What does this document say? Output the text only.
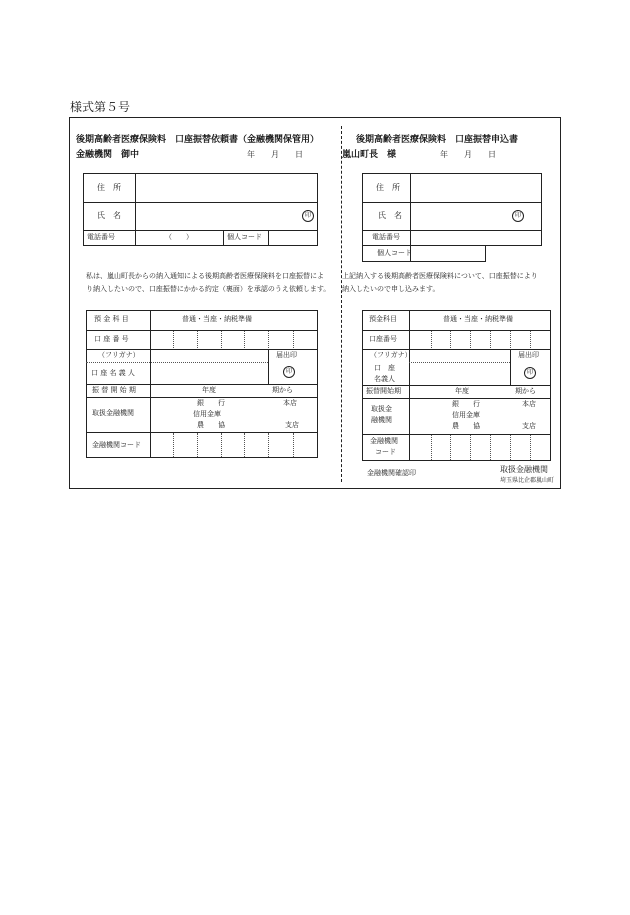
様式第５号
後期高齢者医療保険料　口座振替依頼書（金融機関保管用）
金融機関　御中	年　　月　　日
住　所
氏　名	印
電話番号	（　　）	個人コード
私は、嵐山町長からの納入通知による後期高齢者医療保険料を口座振替によ
り納入したいので、口座振替にかかる約定（裏面）を承認のうえ依頼します。
預 金 科 目	普通・当座・納税準備
口 座 番 号
（フリガナ）	届出印
口 座 名 義 人	印
振 替 開 始 期	年度	期から
取扱金融機関
銀　　行	本店
信用金庫
農　　協	支店
金融機関コード
後期高齢者医療保険料　口座振替申込書
嵐山町長　様	年　　月　　日
住　所
氏　名	印
電話番号
個人コード
上記納入する後期高齢者医療保険料について、口座振替により
納入したいので申し込みます。
預金科目	普通・当座・納税準備
口座番号
（フリガナ）	届出印
口　座
名義人
印
振替開始期	年度	期から
取扱金
融機関
銀　　行	本店
信用金庫
農　　協	支店
金融機関
コード
金融機関確認印	取扱金融機関
埼玉県比企郡嵐山町
